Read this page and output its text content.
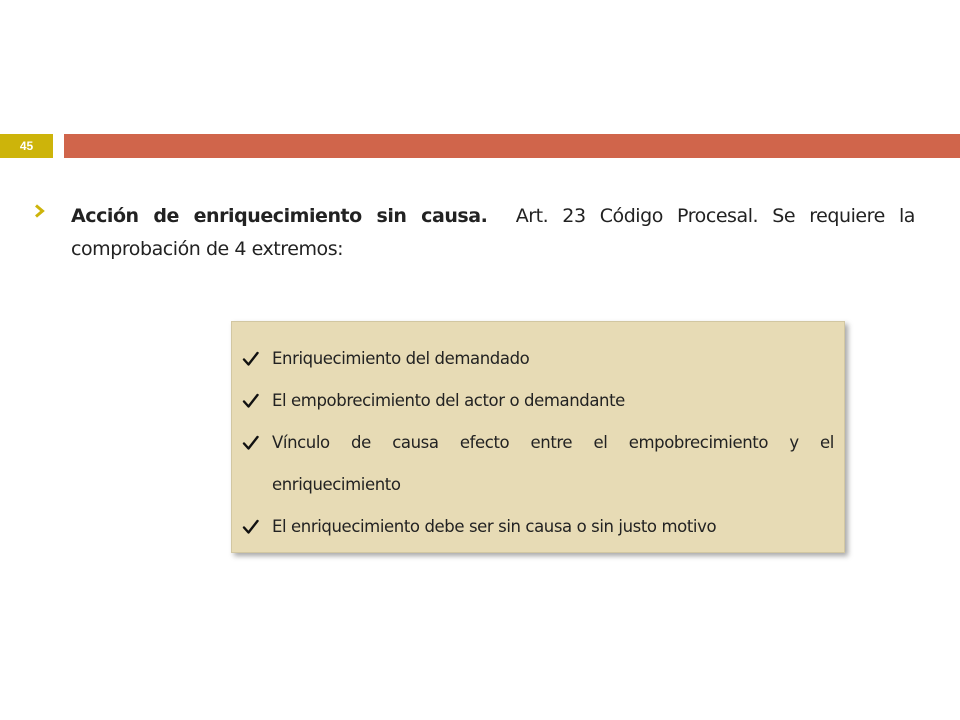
45
Acción de enriquecimiento sin causa. Art. 23 Código Procesal. Se requiere la comprobación de 4 extremos:
Enriquecimiento del demandado
El empobrecimiento del actor o demandante
Vínculo de causa efecto entre el empobrecimiento y el enriquecimiento
El enriquecimiento debe ser sin causa o sin justo motivo
